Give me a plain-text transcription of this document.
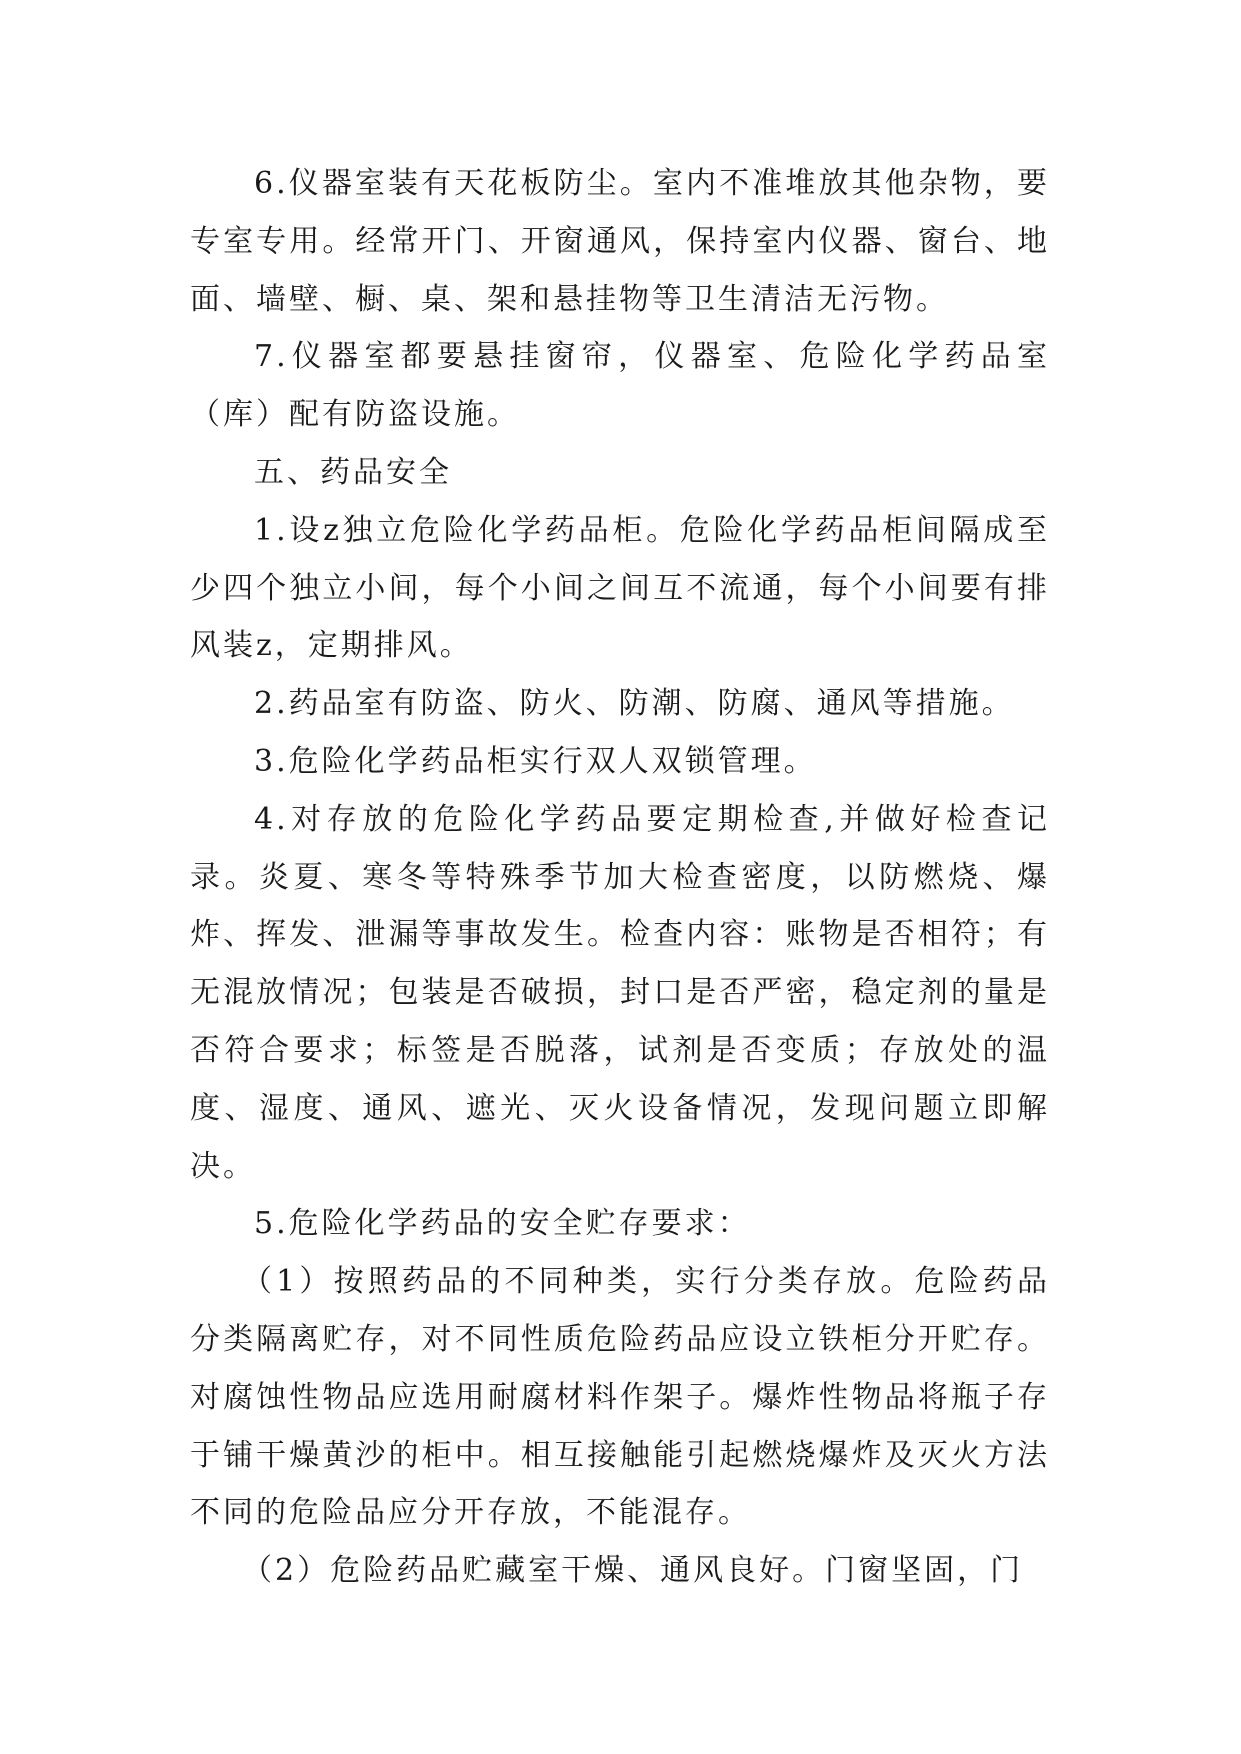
6.仪器室装有天花板防尘。室内不准堆放其他杂物，要专室专用。经常开门、开窗通风，保持室内仪器、窗台、地面、墙壁、橱、桌、架和悬挂物等卫生清洁无污物。

7.仪器室都要悬挂窗帘，仪器室、危险化学药品室（库）配有防盗设施。

五、药品安全

1.设z独立危险化学药品柜。危险化学药品柜间隔成至少四个独立小间，每个小间之间互不流通，每个小间要有排风装z，定期排风。

2.药品室有防盗、防火、防潮、防腐、通风等措施。

3.危险化学药品柜实行双人双锁管理。

4.对存放的危险化学药品要定期检查,并做好检查记录。炎夏、寒冬等特殊季节加大检查密度，以防燃烧、爆炸、挥发、泄漏等事故发生。检查内容：账物是否相符；有无混放情况；包装是否破损，封口是否严密，稳定剂的量是否符合要求；标签是否脱落，试剂是否变质；存放处的温度、湿度、通风、遮光、灭火设备情况，发现问题立即解决。

5.危险化学药品的安全贮存要求：

（1）按照药品的不同种类，实行分类存放。危险药品分类隔离贮存，对不同性质危险药品应设立铁柜分开贮存。对腐蚀性物品应选用耐腐材料作架子。爆炸性物品将瓶子存于铺干燥黄沙的柜中。相互接触能引起燃烧爆炸及灭火方法不同的危险品应分开存放，不能混存。

（2）危险药品贮藏室干燥、通风良好。门窗坚固，门
